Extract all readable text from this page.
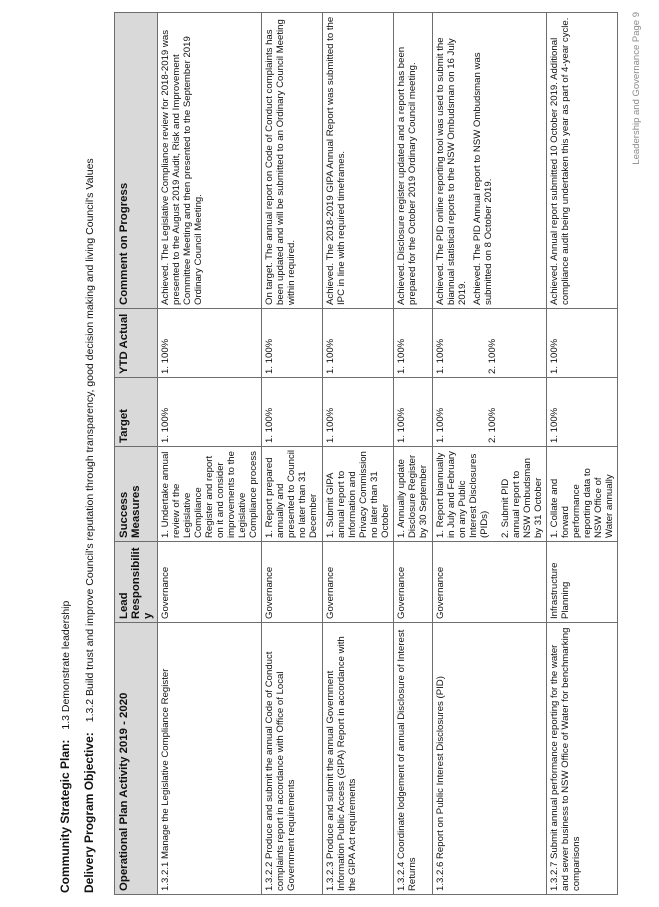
Community Strategic Plan:1.3 Demonstrate leadership
Delivery Program Objective:1.3.2 Build trust and improve Council's reputation through transparency, good decision making and living Council's Values
Operational Plan Activity 2019 - 2020	Lead Responsibility	Success Measures	Target	YTD Actual	Comment on Progress
1.3.2.1 Manage the Legislative Compliance Register	Governance	1. Undertake annual review of the Legislative Compliance Register and report on it and consider improvements to the Legislative Compliance process	1. 100%	1. 100%	Achieved. The Legislative Compliance review for 2018-2019 was presented to the August 2019 Audit, Risk and Improvement Committee Meeting and then presented to the September 2019 Ordinary Council Meeting.

1.3.2.2 Produce and submit the annual Code of Conduct complaints report in accordance with Office of Local Government requirements	Governance	1. Report prepared annually and presented to Council no later than 31 December	1. 100%	1. 100%	On target. The annual report on Code of Conduct complaints has been updated and will be submitted to an Ordinary Council Meeting within required.

1.3.2.3 Produce and submit the annual Government Information Public Access (GIPA) Report in accordance with the GIPA Act requirements	Governance	1. Submit GIPA annual report to Information and Privacy Commission no later than 31 October	1. 100%	1. 100%	Achieved. The 2018-2019 GIPA Annual Report was submitted to the IPC in line with required timeframes.

1.3.2.4 Coordinate lodgement of annual Disclosure of Interest Returns	Governance	1. Annually update Disclosure Register by 30 September	1. 100%	1. 100%	Achieved. Disclosure register updated and a report has been prepared for the October 2019 Ordinary Council meeting.

1.3.2.6 Report on Public Interest Disclosures (PID)	Governance	1. Report biannually in July and February on any Public Interest Disclosures (PIDs) 2. Submit PID annual report to NSW Ombudsman by 31 October	1. 100% 2. 100%	1. 100% 2. 100%	Achieved. The PID online reporting tool was used to submit the biannual statistical reports to the NSW Ombudsman on 16 July 2019. Achieved. The PID Annual report to NSW Ombudsman was submitted on 8 October 2019.

1.3.2.7 Submit annual performance reporting for the water and sewer business to NSW Office of Water for benchmarking comparisons	Infrastructure Planning	1. Collate and forward performance reporting data to NSW Office of Water annually	1. 100%	1. 100%	Achieved. Annual report submitted 10 October 2019. Additional compliance audit being undertaken this year as part of 4-year cycle.	Leadership and Governance Page 9
